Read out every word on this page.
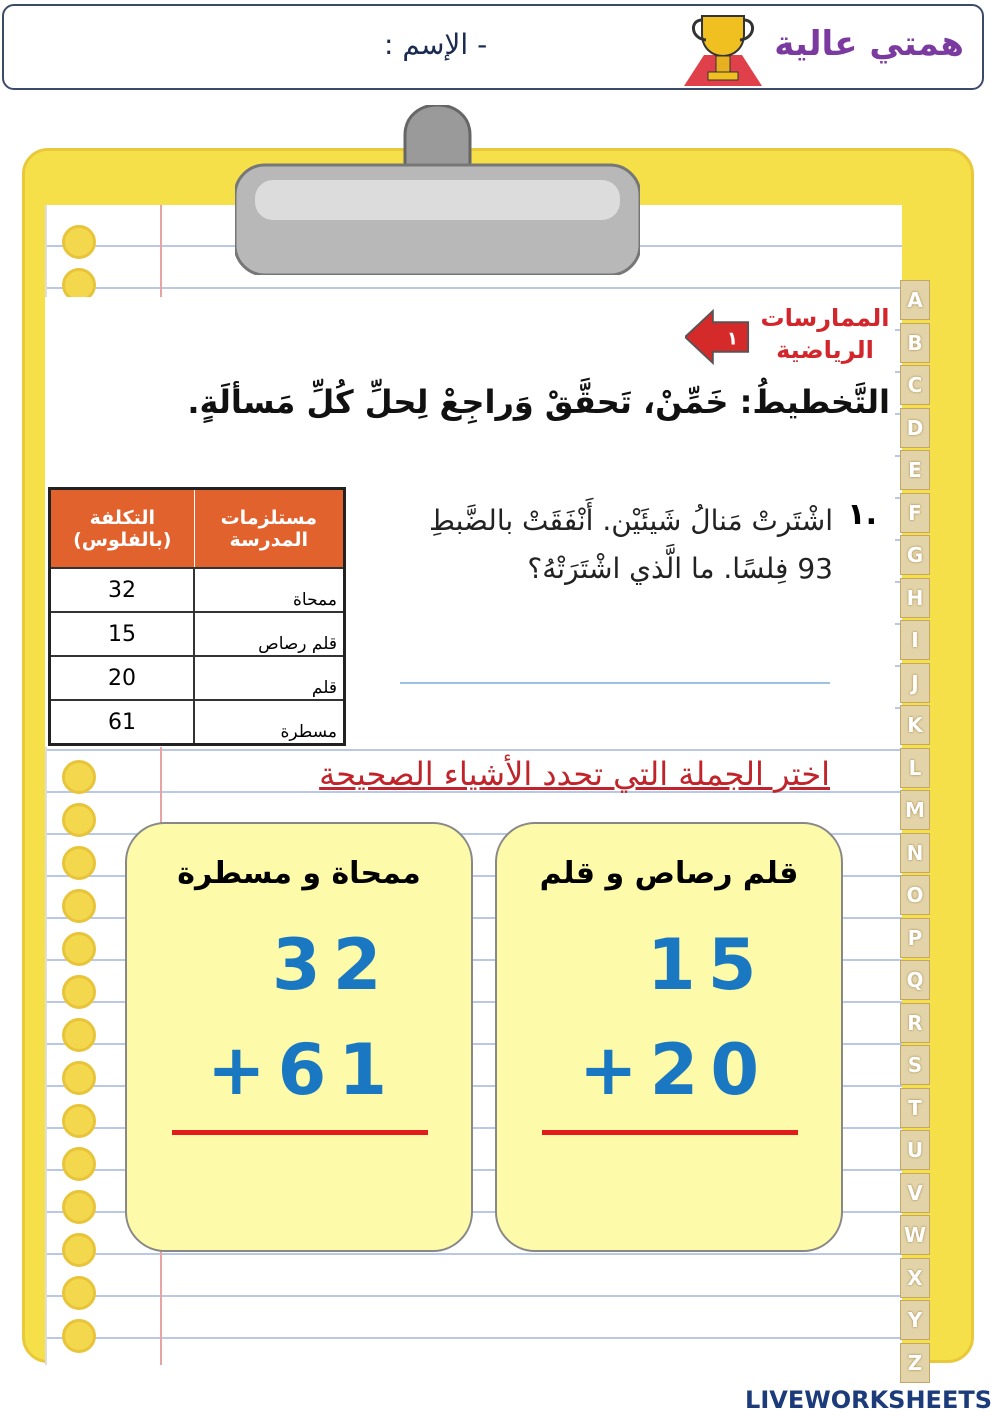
همتي عالية
- الإسم :
A
B
C
D
E
F
G
H
I
J
K
L
M
N
O
P
Q
R
S
T
U
V
W
X
Y
Z
١
الممارسات الرياضية
التَّخطيطُ: خَمِّنْ، تَحقَّقْ وَراجِعْ لِحلِّ كُلِّ مَسألَةٍ.
١.
اشْتَرتْ مَنالُ شَيئَيْن. أَنْفَقَتْ بالضَّبطِ 93 فِلسًا. ما الَّذي اشْتَرَتْهُ؟
التكلفة (بالفلوس)	مستلزمات المدرسة
32	ممحاة
15	قلم رصاص
20	قلم
61	مسطرة
اختر الجملة التي تحدد الأشياء الصحيحة
قلم رصاص و قلم
15
+20
ممحاة و مسطرة
32
+61
LIVEWORKSHEETS
